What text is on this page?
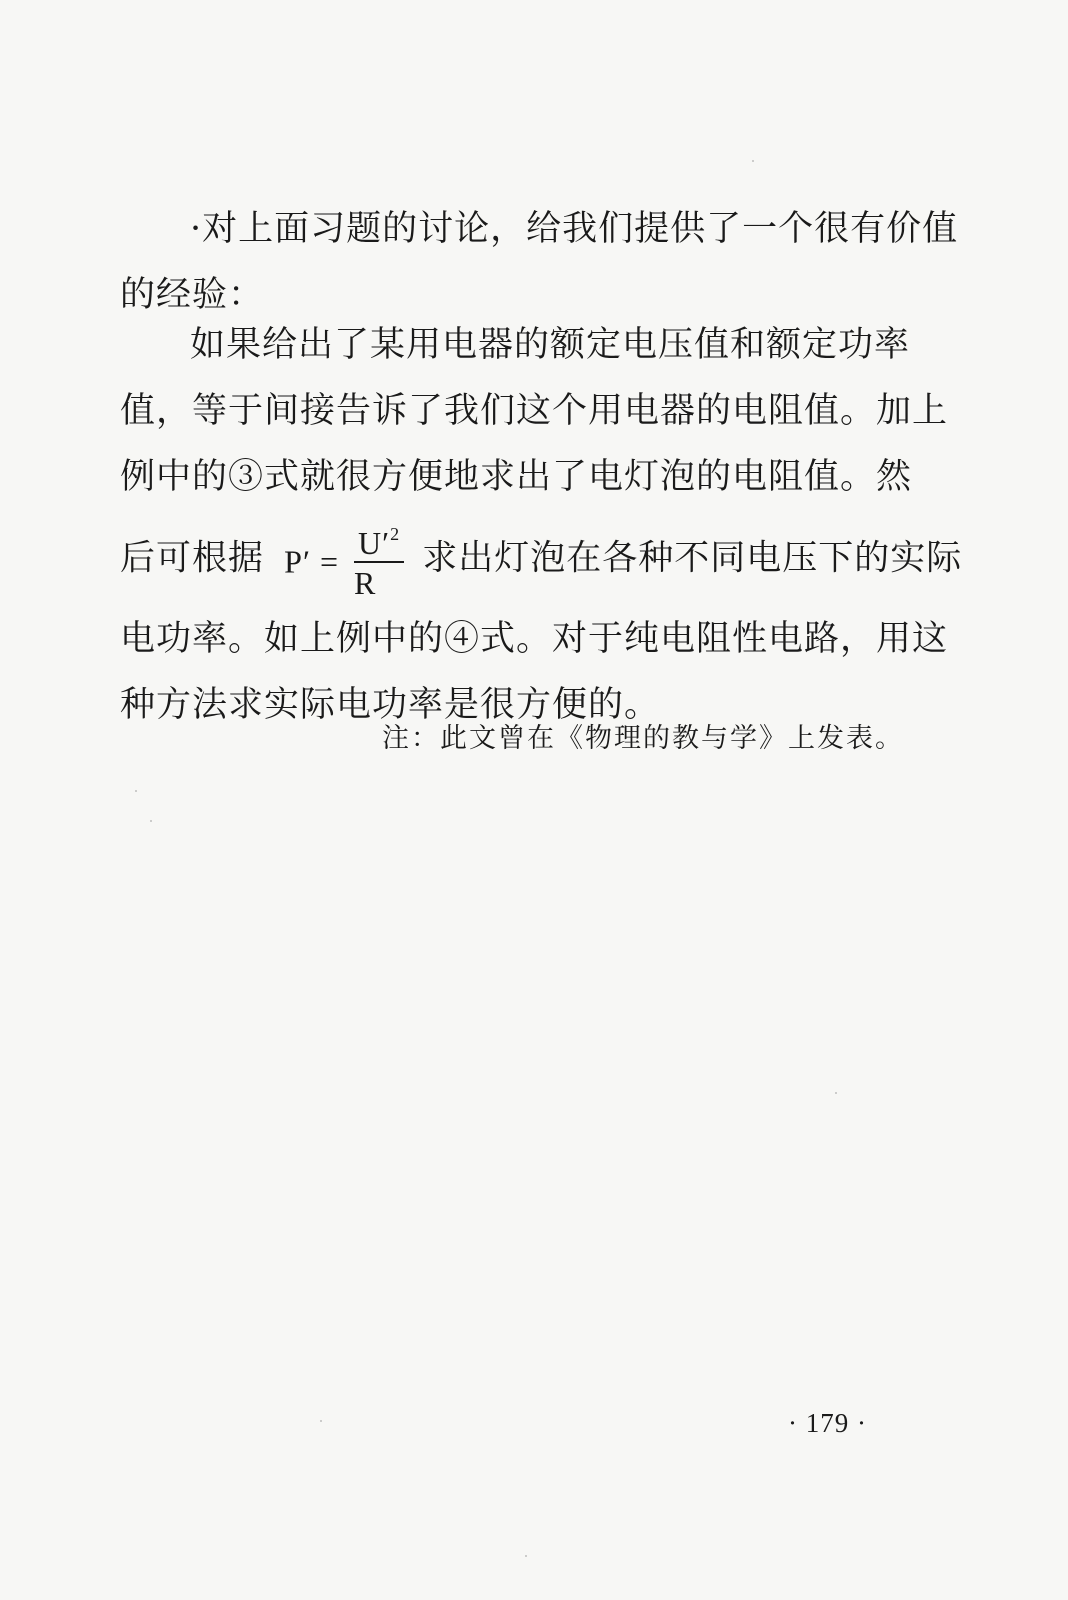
·对上面习题的讨论，给我们提供了一个很有价值
的经验：

如果给出了某用电器的额定电压值和额定功率
值，等于间接告诉了我们这个用电器的电阻值。加上
例中的③式就很方便地求出了电灯泡的电阻值。然
后可根据 $P' = \frac{U'^2}{R}$ 求出灯泡在各种不同电压下的实际
电功率。如上例中的④式。对于纯电阻性电路，用这
种方法求实际电功率是很方便的。

注：此文曾在《物理的教与学》上发表。
· 179 ·
